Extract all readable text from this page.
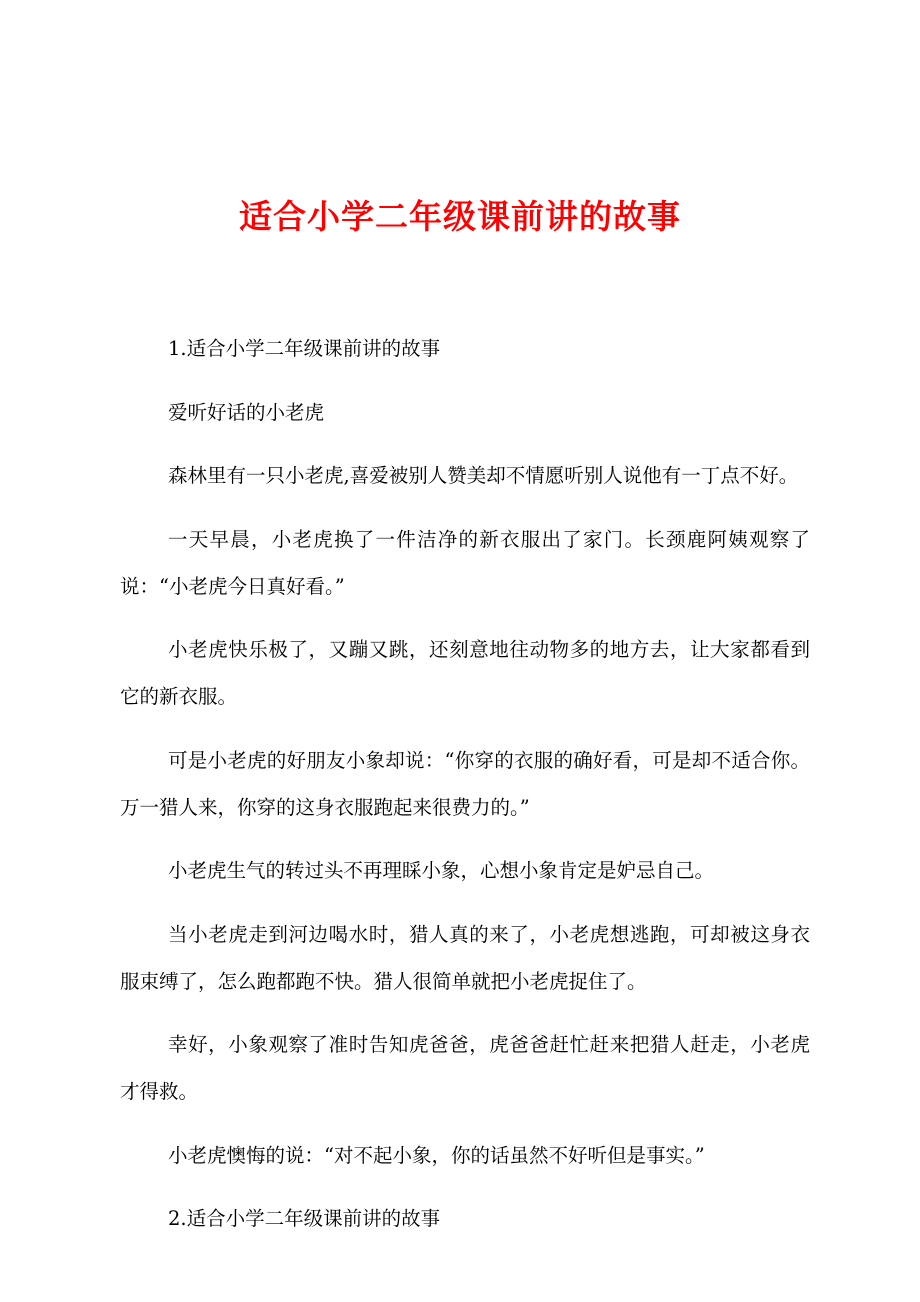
适合小学二年级课前讲的故事

1.适合小学二年级课前讲的故事

爱听好话的小老虎

森林里有一只小老虎,喜爱被别人赞美却不情愿听别人说他有一丁点不好。

一天早晨，小老虎换了一件洁净的新衣服出了家门。长颈鹿阿姨观察了说：“小老虎今日真好看。”

小老虎快乐极了，又蹦又跳，还刻意地往动物多的地方去，让大家都看到它的新衣服。

可是小老虎的好朋友小象却说：“你穿的衣服的确好看，可是却不适合你。万一猎人来，你穿的这身衣服跑起来很费力的。”

小老虎生气的转过头不再理睬小象，心想小象肯定是妒忌自己。

当小老虎走到河边喝水时，猎人真的来了，小老虎想逃跑，可却被这身衣服束缚了，怎么跑都跑不快。猎人很简单就把小老虎捉住了。

幸好，小象观察了准时告知虎爸爸，虎爸爸赶忙赶来把猎人赶走，小老虎才得救。

小老虎懊悔的说：“对不起小象，你的话虽然不好听但是事实。”

2.适合小学二年级课前讲的故事
